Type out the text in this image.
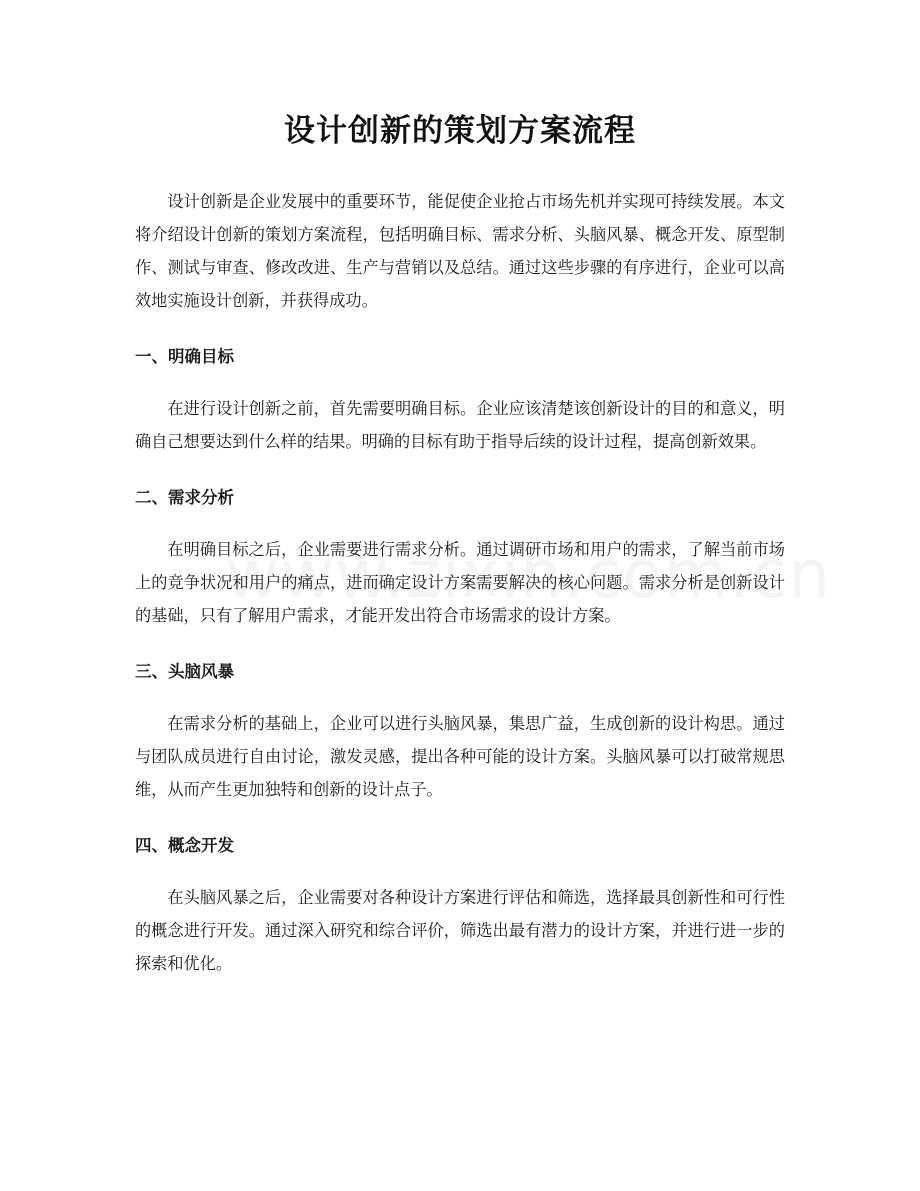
设计创新的策划方案流程

设计创新是企业发展中的重要环节，能促使企业抢占市场先机并实现可持续发展。本文将介绍设计创新的策划方案流程，包括明确目标、需求分析、头脑风暴、概念开发、原型制作、测试与审查、修改改进、生产与营销以及总结。通过这些步骤的有序进行，企业可以高效地实施设计创新，并获得成功。

一、明确目标

在进行设计创新之前，首先需要明确目标。企业应该清楚该创新设计的目的和意义，明确自己想要达到什么样的结果。明确的目标有助于指导后续的设计过程，提高创新效果。

二、需求分析

在明确目标之后，企业需要进行需求分析。通过调研市场和用户的需求，了解当前市场上的竞争状况和用户的痛点，进而确定设计方案需要解决的核心问题。需求分析是创新设计的基础，只有了解用户需求，才能开发出符合市场需求的设计方案。

三、头脑风暴

在需求分析的基础上，企业可以进行头脑风暴，集思广益，生成创新的设计构思。通过与团队成员进行自由讨论，激发灵感，提出各种可能的设计方案。头脑风暴可以打破常规思维，从而产生更加独特和创新的设计点子。

四、概念开发

在头脑风暴之后，企业需要对各种设计方案进行评估和筛选，选择最具创新性和可行性的概念进行开发。通过深入研究和综合评价，筛选出最有潜力的设计方案，并进行进一步的探索和优化。
